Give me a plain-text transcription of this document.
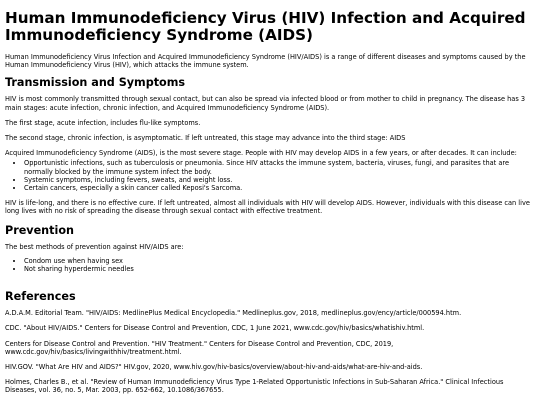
Human Immunodeficiency Virus (HIV) Infection and Acquired Immunodeficiency Syndrome (AIDS)

Human Immunodeficiency Virus Infection and Acquired Immunodeficiency Syndrome (HIV/AIDS) is a range of different diseases and symptoms caused by the Human Immunodeficiency Virus (HIV), which attacks the immune system.

Transmission and Symptoms

HIV is most commonly transmitted through sexual contact, but can also be spread via infected blood or from mother to child in pregnancy. The disease has 3 main stages: acute infection, chronic infection, and Acquired Immunodeficiency Syndrome (AIDS).

The first stage, acute infection, includes flu-like symptoms.

The second stage, chronic infection, is asymptomatic. If left untreated, this stage may advance into the third stage: AIDS

Acquired Immunodeficiency Syndrome (AIDS), is the most severe stage. People with HIV may develop AIDS in a few years, or after decades. It can include:

• Opportunistic infections, such as tuberculosis or pneumonia. Since HIV attacks the immune system, bacteria, viruses, fungi, and parasites that are normally blocked by the immune system infect the body.
• Systemic symptoms, including fevers, sweats, and weight loss.
• Certain cancers, especially a skin cancer called Keposi's Sarcoma.

HIV is life-long, and there is no effective cure. If left untreated, almost all individuals with HIV will develop AIDS. However, individuals with this disease can live long lives with no risk of spreading the disease through sexual contact with effective treatment.

Prevention

The best methods of prevention against HIV/AIDS are:

• Condom use when having sex
• Not sharing hyperdermic needles
References

A.D.A.M. Editorial Team. "HIV/AIDS: MedlinePlus Medical Encyclopedia." Medlineplus.gov, 2018, medlineplus.gov/ency/article/000594.htm.

CDC. "About HIV/AIDS." Centers for Disease Control and Prevention, CDC, 1 June 2021, www.cdc.gov/hiv/basics/whatishiv.html.

Centers for Disease Control and Prevention. "HIV Treatment." Centers for Disease Control and Prevention, CDC, 2019, www.cdc.gov/hiv/basics/livingwithhiv/treatment.html.

HIV.GOV. "What Are HIV and AIDS?" HIV.gov, 2020, www.hiv.gov/hiv-basics/overview/about-hiv-and-aids/what-are-hiv-and-aids.

Holmes, Charles B., et al. "Review of Human Immunodeficiency Virus Type 1-Related Opportunistic Infections in Sub-Saharan Africa." Clinical Infectious Diseases, vol. 36, no. 5, Mar. 2003, pp. 652-662, 10.1086/367655.
